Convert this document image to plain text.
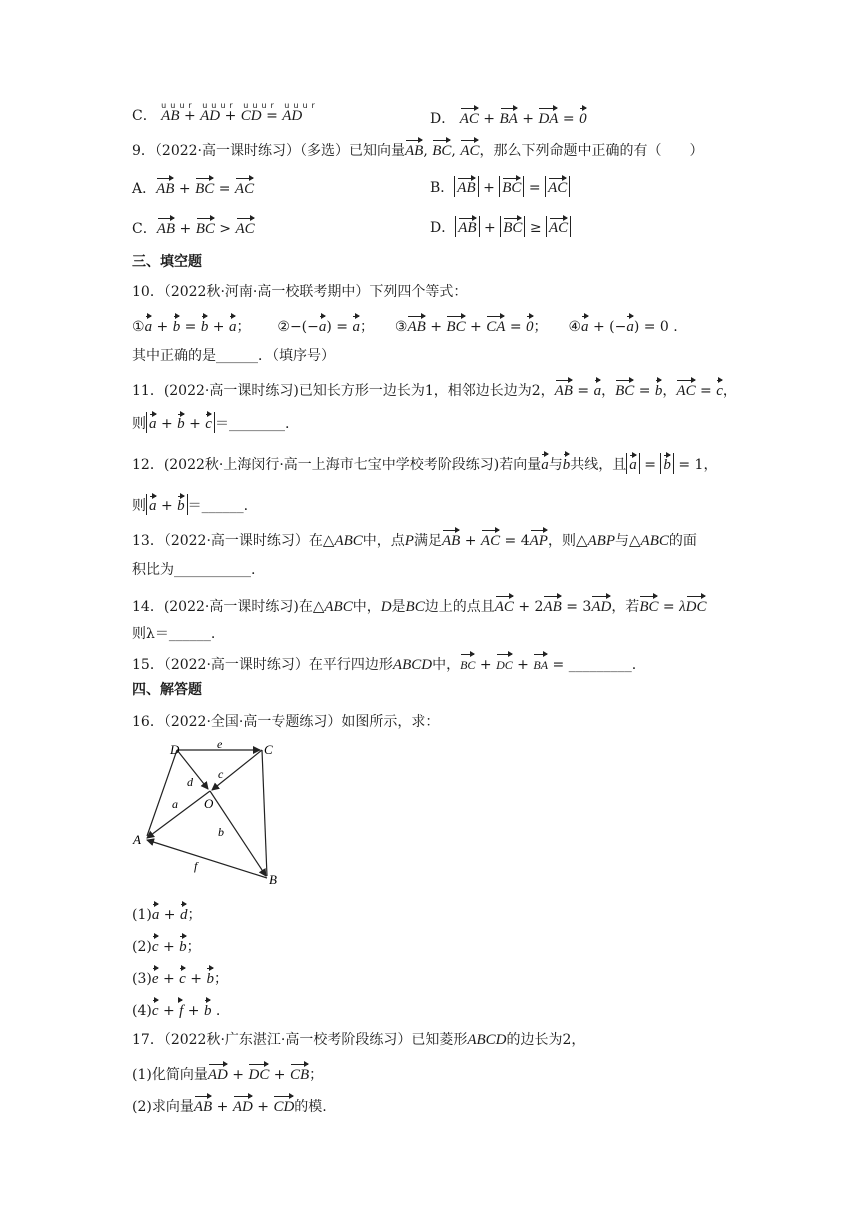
C．
uuur uuur uuur uuur
AB + AD + CD = AD	D． AC + BA + DA = 0
9．（2022·高一课时练习）（多选）已知向量AB, BC, AC，那么下列命题中正确的有（　　）
A．AB + BC = AC	B． AB + BC = AC
C．AB + BC > AC	D． AB + BC ≥ AC
三、填空题
10．（2022秋·河南·高一校联考期中）下列四个等式：
①a + b = b + a；  ②−(−a) = a；  ③AB + BC + CA = 0；  ④a + (−a) = 0 .
其中正确的是______．（填序号）
11．(2022·高一课时练习)已知长方形一边长为1，相邻边长边为2，AB = a，BC = b，AC = c，
则 a + b + c ＝________.
12．(2022秋·上海闵行·高一上海市七宝中学校考阶段练习)若向量a与b共线，且 a = b = 1，
则 a + b ＝______.
13．（2022·高一课时练习）在△ABC中，点P满足AB + AC = 4AP，则△ABP与△ABC的面
积比为___________.
14．(2022·高一课时练习)在△ABC中，D是BC边上的点且AC + 2AB = 3AD，若BC = λDC
则λ＝______.
15．（2022·高一课时练习）在平行四边形ABCD中，BC + DC + BA = _________.
四、解答题
16．（2022·全国·高一专题练习）如图所示，求：
D	C
O
A
B
e
c
d
a
b
f
(1)a + d；
(2)c + b；
(3)e + c + b；
(4)c + f + b .
17．（2022秋·广东湛江·高一校考阶段练习）已知菱形ABCD的边长为2，
(1)化简向量AD + DC + CB；
(2)求向量AB + AD + CD的模.
